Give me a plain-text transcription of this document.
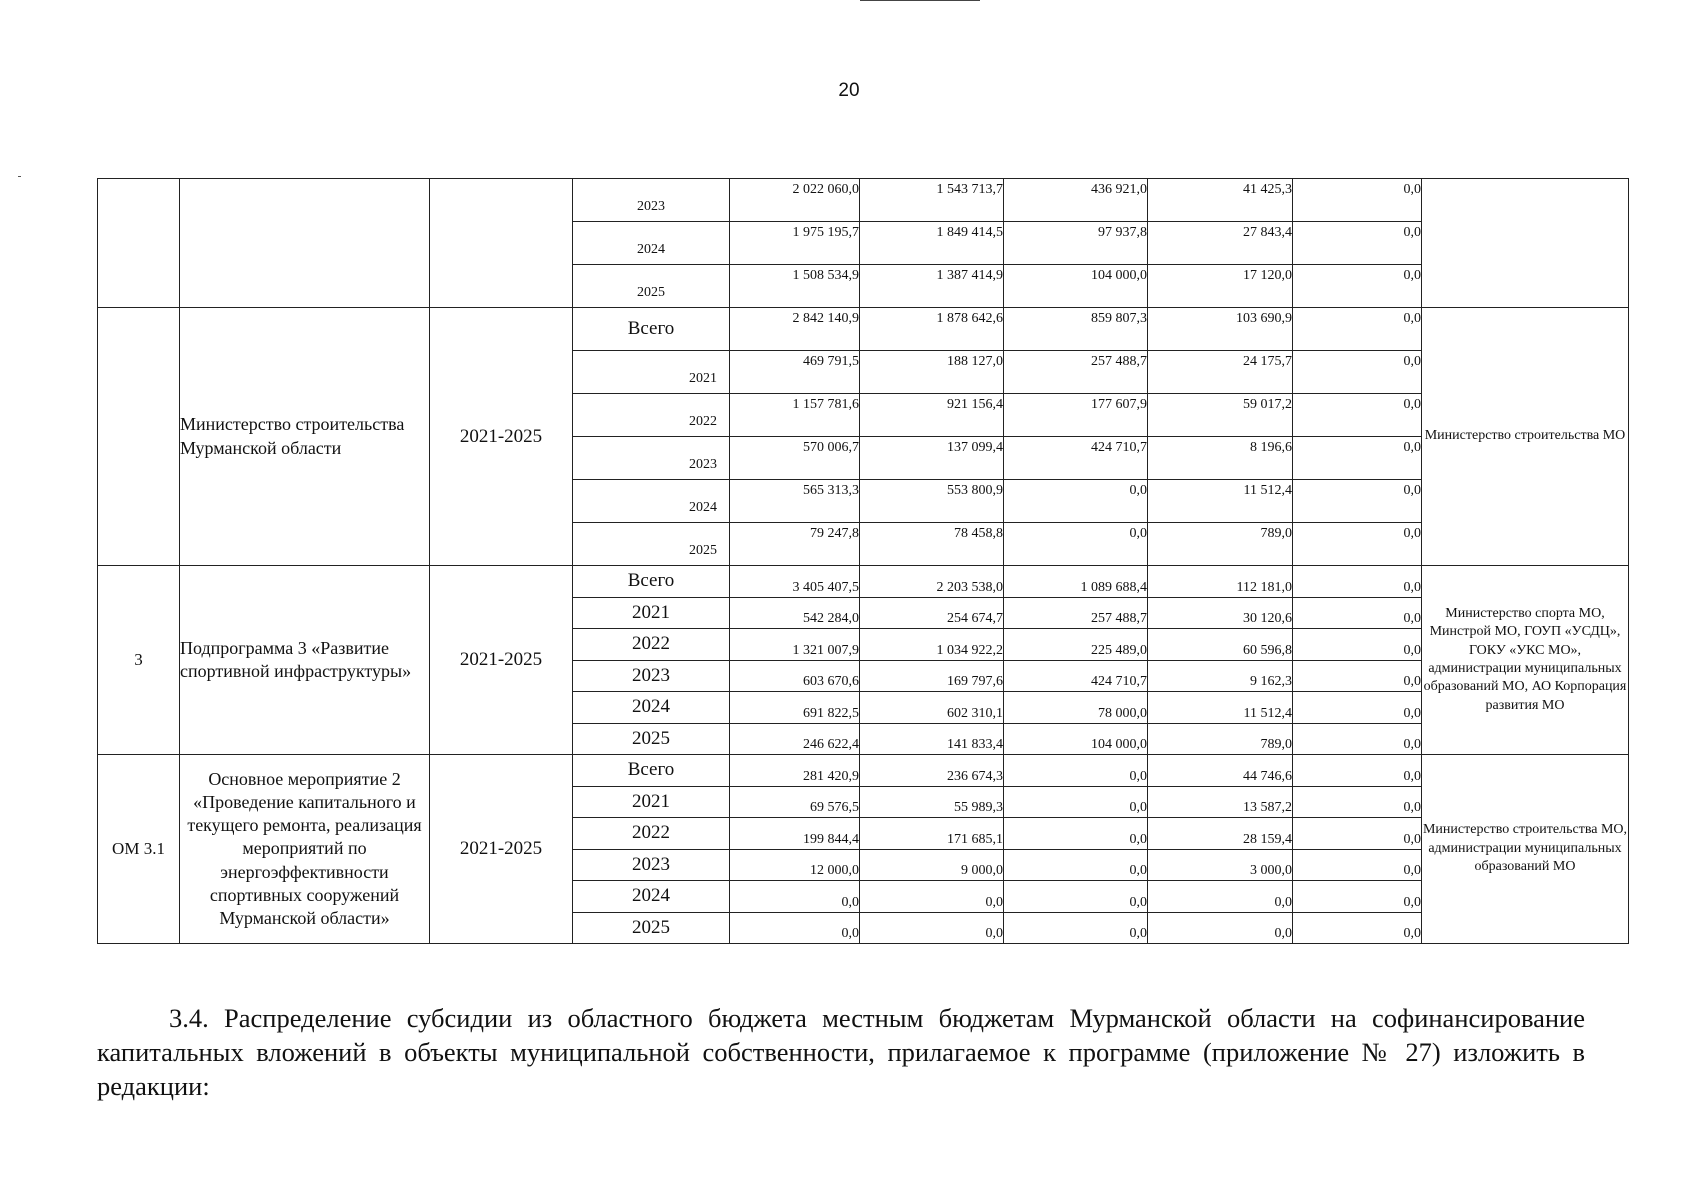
20
			2023	2 022 060,0	1 543 713,7	436 921,0	41 425,3	0,0	
			2024	1 975 195,7	1 849 414,5	97 937,8	27 843,4	0,0	
			2025	1 508 534,9	1 387 414,9	104 000,0	17 120,0	0,0	
	Министерство строительства Мурманской области	2021-2025	Всего	2 842 140,9	1 878 642,6	859 807,3	103 690,9	0,0	Министерство строительства МО
			2021	469 791,5	188 127,0	257 488,7	24 175,7	0,0	
			2022	1 157 781,6	921 156,4	177 607,9	59 017,2	0,0	
			2023	570 006,7	137 099,4	424 710,7	8 196,6	0,0	
			2024	565 313,3	553 800,9	0,0	11 512,4	0,0	
			2025	79 247,8	78 458,8	0,0	789,0	0,0	
3	Подпрограмма 3 «Развитие спортивной инфраструктуры»	2021-2025	Всего	3 405 407,5	2 203 538,0	1 089 688,4	112 181,0	0,0	Министерство спорта МО, Минстрой МО, ГОУП «УСДЦ», ГОКУ «УКС МО», администрации муниципальных образований МО, АО Корпорация развития МО
			2021	542 284,0	254 674,7	257 488,7	30 120,6	0,0	
			2022	1 321 007,9	1 034 922,2	225 489,0	60 596,8	0,0	
			2023	603 670,6	169 797,6	424 710,7	9 162,3	0,0	
			2024	691 822,5	602 310,1	78 000,0	11 512,4	0,0	
			2025	246 622,4	141 833,4	104 000,0	789,0	0,0	
ОМ 3.1	Основное мероприятие 2 «Проведение капитального и текущего ремонта, реализация мероприятий по энергоэффективности спортивных сооружений Мурманской области»	2021-2025	Всего	281 420,9	236 674,3	0,0	44 746,6	0,0	Министерство строительства МО, администрации муниципальных образований МО
			2021	69 576,5	55 989,3	0,0	13 587,2	0,0	
			2022	199 844,4	171 685,1	0,0	28 159,4	0,0	
			2023	12 000,0	9 000,0	0,0	3 000,0	0,0	
			2024	0,0	0,0	0,0	0,0	0,0	
			2025	0,0	0,0	0,0	0,0	0,0	
3.4. Распределение субсидии из областного бюджета местным бюджетам Мурманской области на софинансирование капитальных вложений в объекты муниципальной собственности, прилагаемое к программе (приложение № 27) изложить в редакции:
